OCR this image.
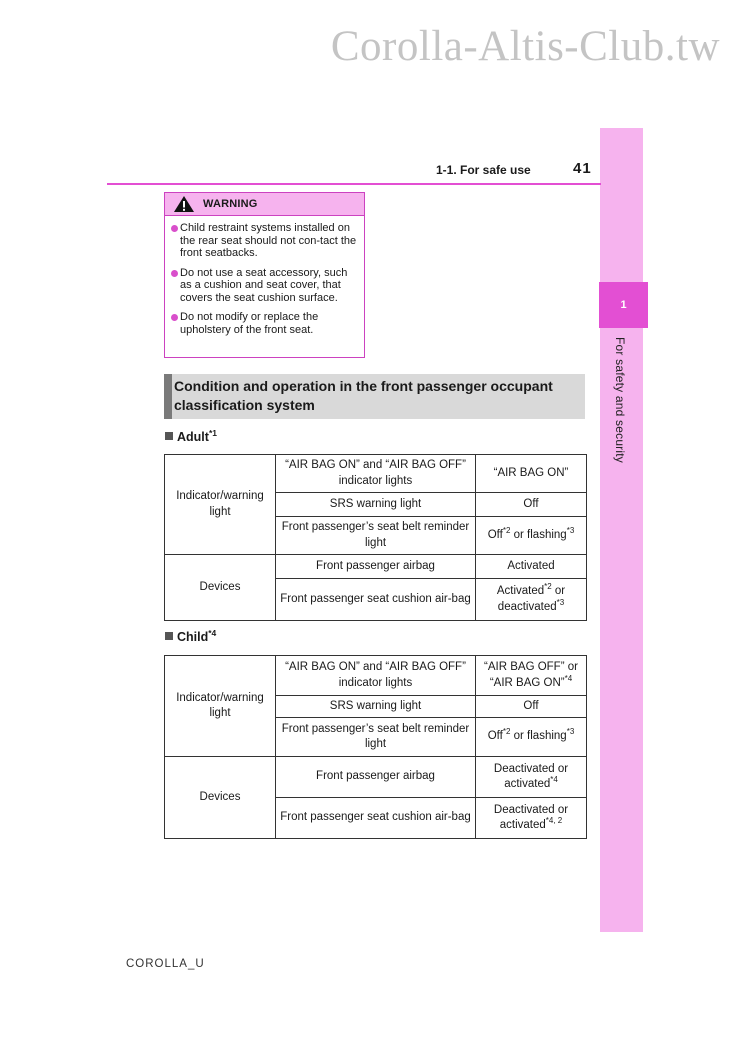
Corolla-Altis-Club.tw
1
For safety and security
1-1. For safe use	41
WARNING
Child restraint systems installed on the rear seat should not con-tact the front seatbacks.
Do not use a seat accessory, such as a cushion and seat cover, that covers the seat cushion surface.
Do not modify or replace the upholstery of the front seat.
Condition and operation in the front passenger occupant classification system
Adult$^{*1}$
Indicator/warning light	“AIR BAG ON” and “AIR BAG OFF” indicator lights	“AIR BAG ON”
	SRS warning light	Off
	Front passenger’s seat belt reminder light	Off$^{*2}$ or flashing$^{*3}$
Devices	Front passenger airbag	Activated
	Front passenger seat cushion air-bag	Activated$^{*2}$ or
deactivated$^{*3}$
Child$^{*4}$
Indicator/warning light	“AIR BAG ON” and “AIR BAG OFF” indicator lights	“AIR BAG OFF” or
“AIR BAG ON”$^{*4}$
	SRS warning light	Off
	Front passenger’s seat belt reminder light	Off$^{*2}$ or flashing$^{*3}$
Devices	Front passenger airbag	Deactivated or
activated$^{*4}$
	Front passenger seat cushion air-bag	Deactivated or
activated$^{*4, 2}$
COROLLA_U
